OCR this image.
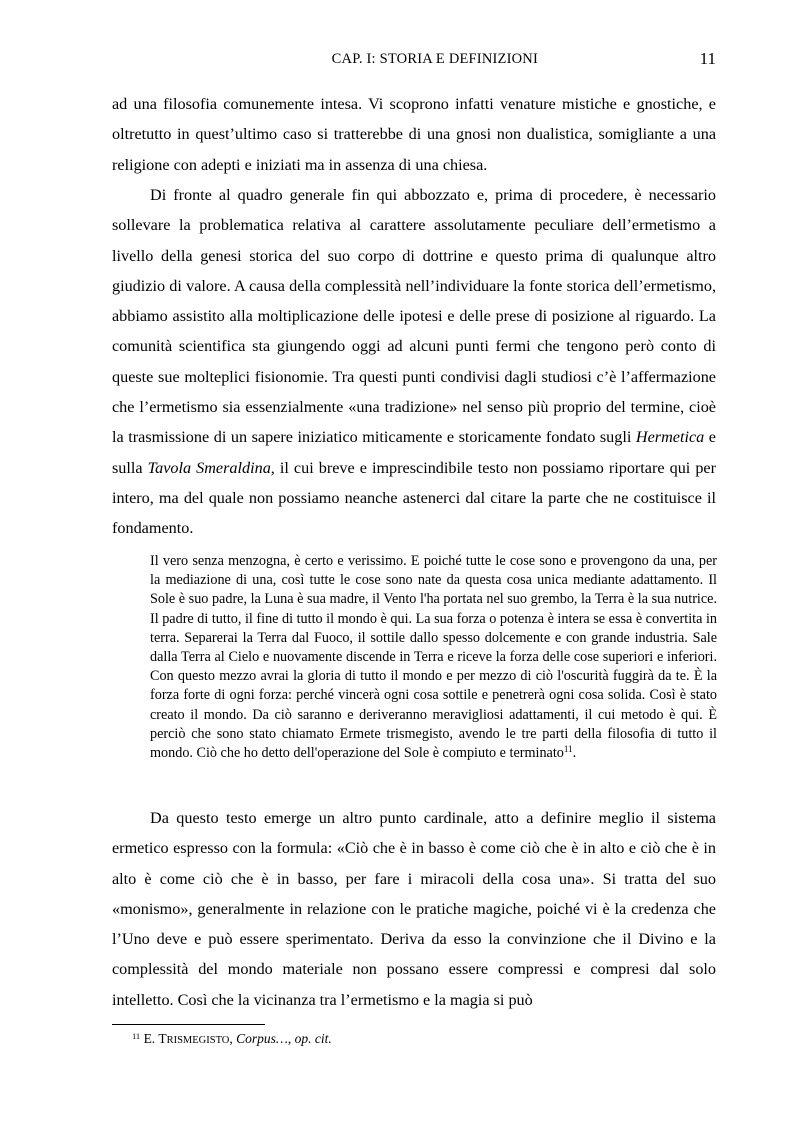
CAP. I: STORIA E DEFINIZIONI	11

ad una filosofia comunemente intesa. Vi scoprono infatti venature mistiche e gnostiche, e oltretutto in quest’ultimo caso si tratterebbe di una gnosi non dualistica, somigliante a una religione con adepti e iniziati ma in assenza di una chiesa.

Di fronte al quadro generale fin qui abbozzato e, prima di procedere, è necessario sollevare la problematica relativa al carattere assolutamente peculiare dell’ermetismo a livello della genesi storica del suo corpo di dottrine e questo prima di qualunque altro giudizio di valore. A causa della complessità nell’individuare la fonte storica dell’ermetismo, abbiamo assistito alla moltiplicazione delle ipotesi e delle prese di posizione al riguardo. La comunità scientifica sta giungendo oggi ad alcuni punti fermi che tengono però conto di queste sue molteplici fisionomie. Tra questi punti condivisi dagli studiosi c’è l’affermazione che l’ermetismo sia essenzialmente «una tradizione» nel senso più proprio del termine, cioè la trasmissione di un sapere iniziatico miticamente e storicamente fondato sugli Hermetica e sulla Tavola Smeraldina, il cui breve e imprescindibile testo non possiamo riportare qui per intero, ma del quale non possiamo neanche astenerci dal citare la parte che ne costituisce il fondamento.

Il vero senza menzogna, è certo e verissimo. E poiché tutte le cose sono e provengono da una, per la mediazione di una, così tutte le cose sono nate da questa cosa unica mediante adattamento. Il Sole è suo padre, la Luna è sua madre, il Vento l'ha portata nel suo grembo, la Terra è la sua nutrice. Il padre di tutto, il fine di tutto il mondo è qui. La sua forza o potenza è intera se essa è convertita in terra. Separerai la Terra dal Fuoco, il sottile dallo spesso dolcemente e con grande industria. Sale dalla Terra al Cielo e nuovamente discende in Terra e riceve la forza delle cose superiori e inferiori. Con questo mezzo avrai la gloria di tutto il mondo e per mezzo di ciò l'oscurità fuggirà da te. È la forza forte di ogni forza: perché vincerà ogni cosa sottile e penetrerà ogni cosa solida. Così è stato creato il mondo. Da ciò saranno e deriveranno meravigliosi adattamenti, il cui metodo è qui. È perciò che sono stato chiamato Ermete trismegisto, avendo le tre parti della filosofia di tutto il mondo. Ciò che ho detto dell'operazione del Sole è compiuto e terminato$^{11}$.

Da questo testo emerge un altro punto cardinale, atto a definire meglio il sistema ermetico espresso con la formula: «Ciò che è in basso è come ciò che è in alto e ciò che è in alto è come ciò che è in basso, per fare i miracoli della cosa una». Si tratta del suo «monismo», generalmente in relazione con le pratiche magiche, poiché vi è la credenza che l’Uno deve e può essere sperimentato. Deriva da esso la convinzione che il Divino e la complessità del mondo materiale non possano essere compressi e compresi dal solo intelletto. Così che la vicinanza tra l’ermetismo e la magia si può

$^{11}$ E. TRISMEGISTO, Corpus…, op. cit.
